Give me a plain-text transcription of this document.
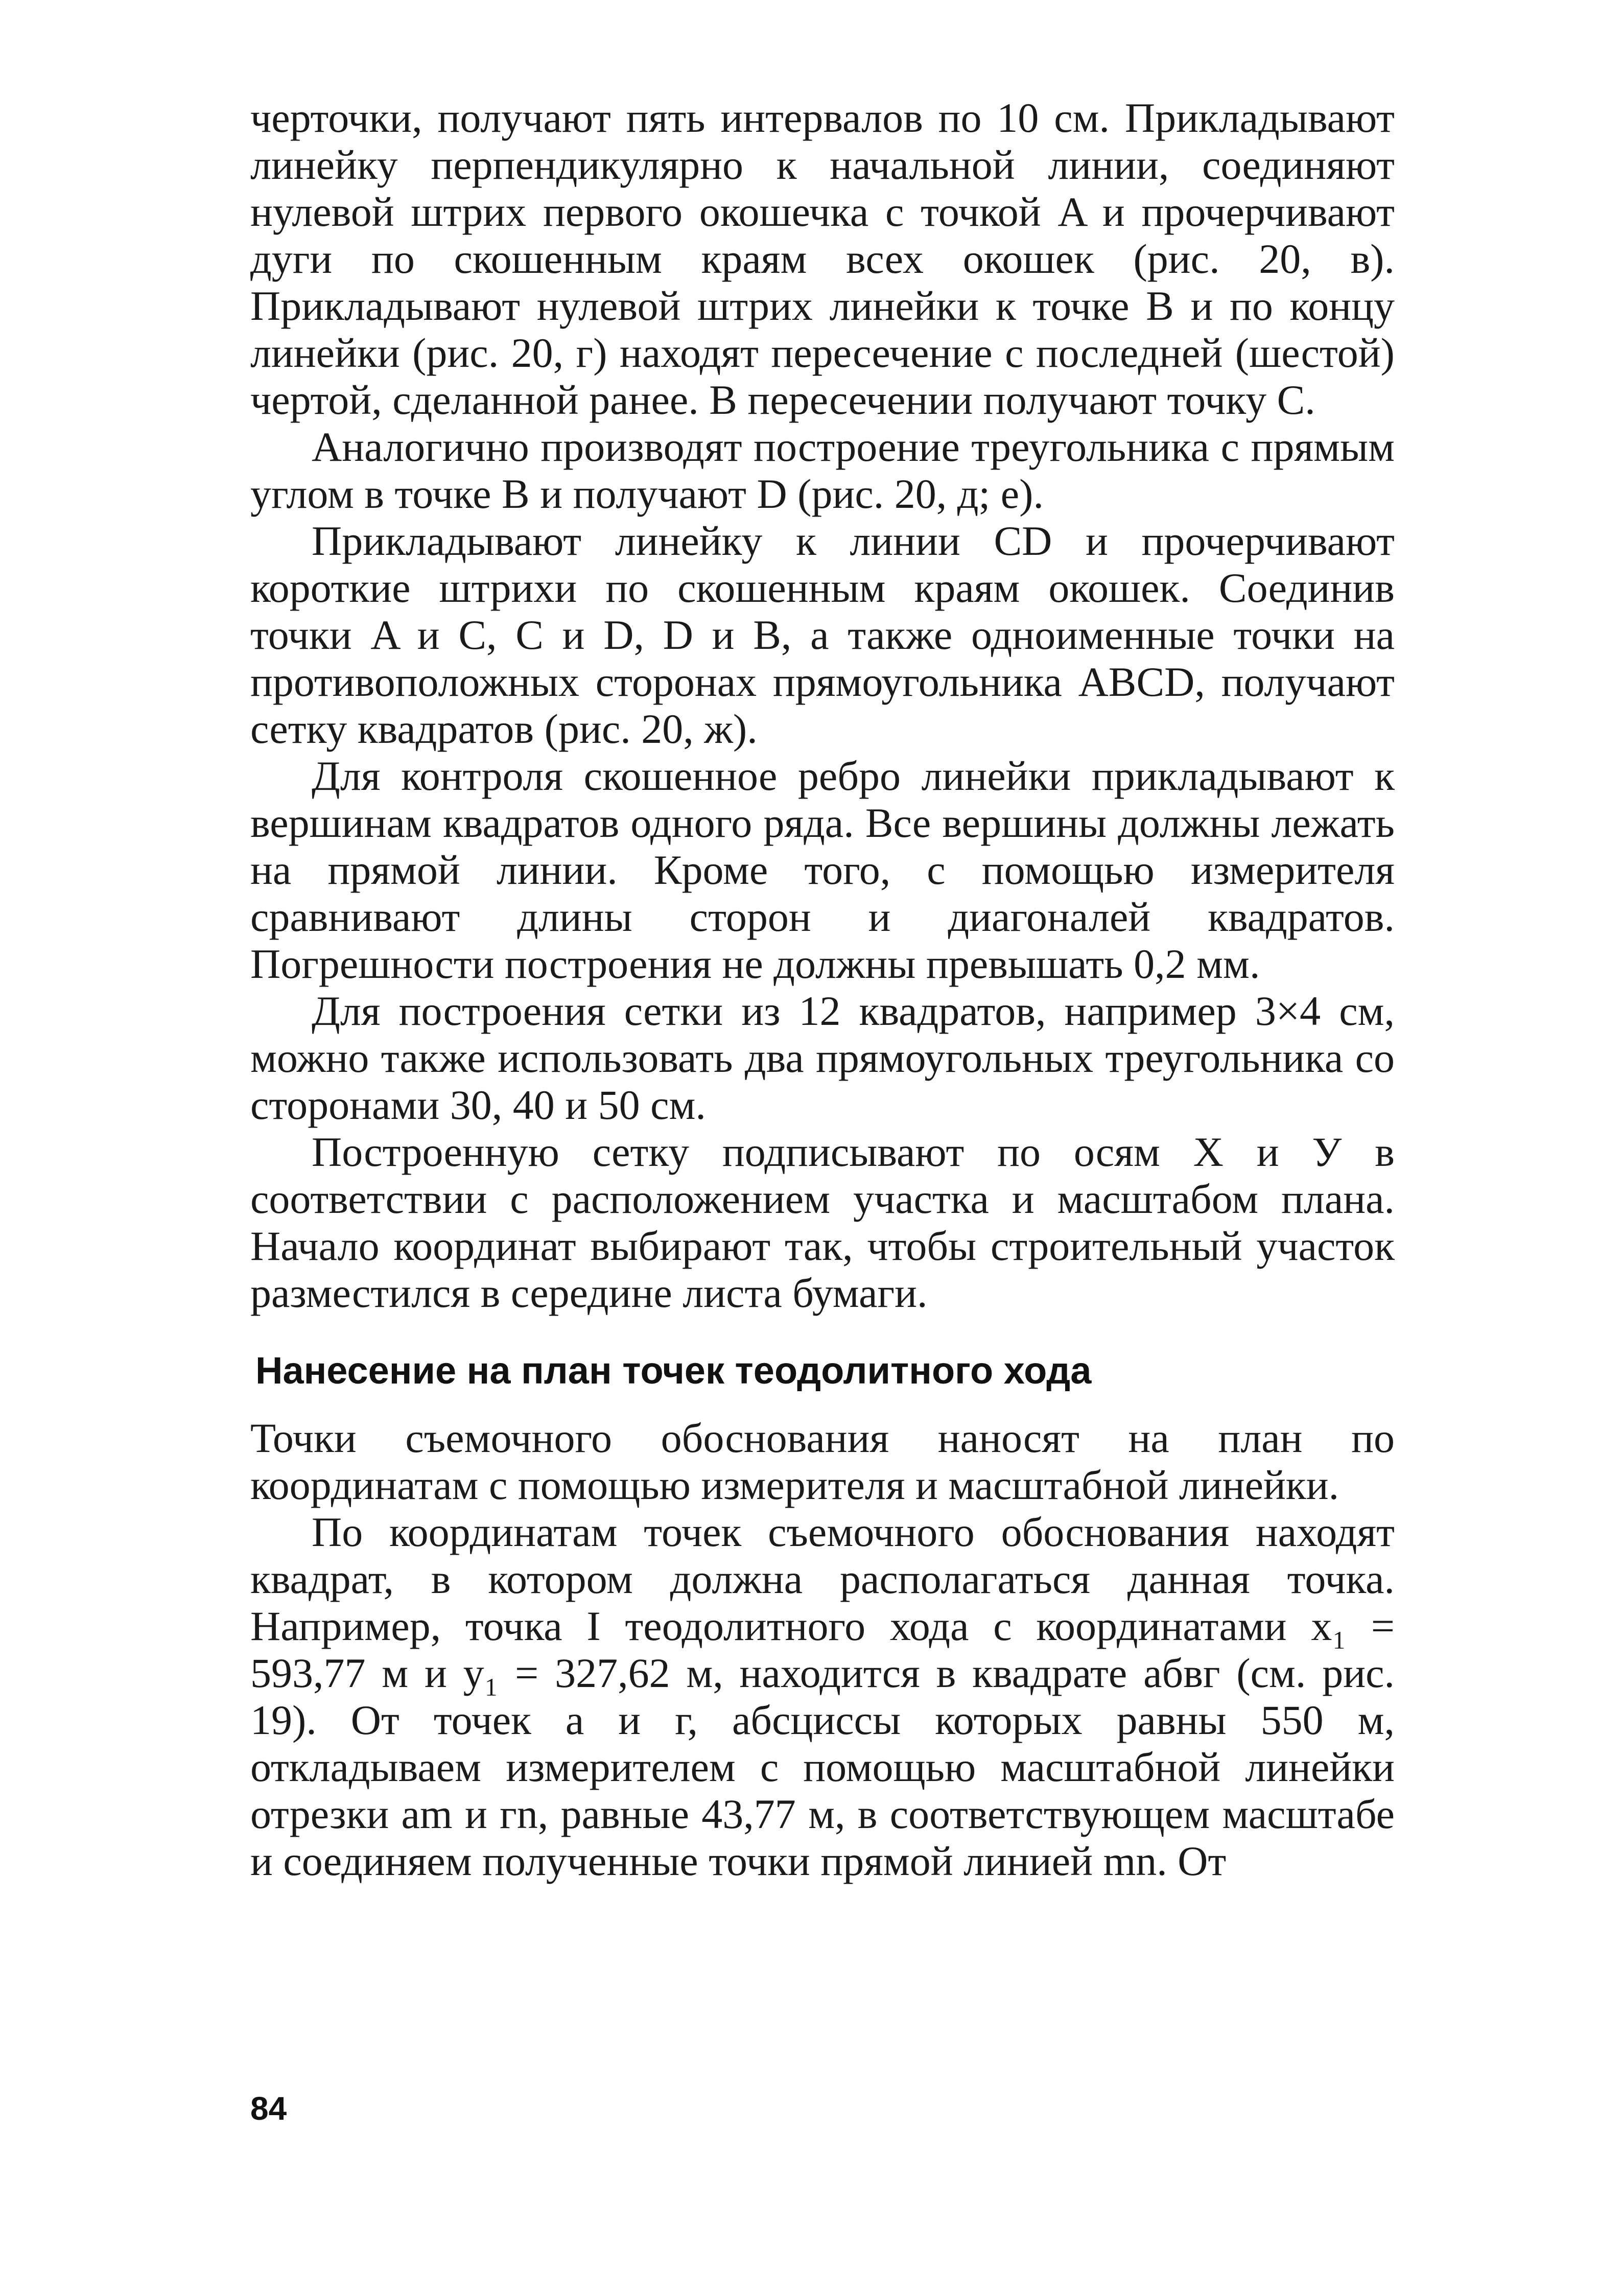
черточки, получают пять интервалов по 10 см. Прикладывают линейку перпендикулярно к начальной линии, соединяют нулевой штрих первого окошечка с точкой A и прочерчивают дуги по скошенным краям всех окошек (рис. 20, в). Прикладывают нулевой штрих линейки к точке B и по концу линейки (рис. 20, г) находят пересечение с последней (шестой) чертой, сделанной ранее. В пересечении получают точку C.

Аналогично производят построение треугольника с прямым углом в точке B и получают D (рис. 20, д; е).

Прикладывают линейку к линии CD и прочерчивают короткие штрихи по скошенным краям окошек. Соединив точки A и C, C и D, D и B, а также одноименные точки на противоположных сторонах прямоугольника ABCD, получают сетку квадратов (рис. 20, ж).

Для контроля скошенное ребро линейки прикладывают к вершинам квадратов одного ряда. Все вершины должны лежать на прямой линии. Кроме того, с помощью измерителя сравнивают длины сторон и диагоналей квадратов. Погрешности построения не должны превышать 0,2 мм.

Для построения сетки из 12 квадратов, например 3×4 см, можно также использовать два прямоугольных треугольника со сторонами 30, 40 и 50 см.

Построенную сетку подписывают по осям X и У в соответствии с расположением участка и масштабом плана. Начало координат выбирают так, чтобы строительный участок разместился в середине листа бумаги.

Нанесение на план точек теодолитного хода

Точки съемочного обоснования наносят на план по координатам с помощью измерителя и масштабной линейки.

По координатам точек съемочного обоснования находят квадрат, в котором должна располагаться данная точка. Например, точка I теодолитного хода с координатами x₁ = 593,77 м и y₁ = 327,62 м, находится в квадрате абвг (см. рис. 19). От точек а и г, абсциссы которых равны 550 м, откладываем измерителем с помощью масштабной линейки отрезки am и гn, равные 43,77 м, в соответствующем масштабе и соединяем полученные точки прямой линией mn. От

84
